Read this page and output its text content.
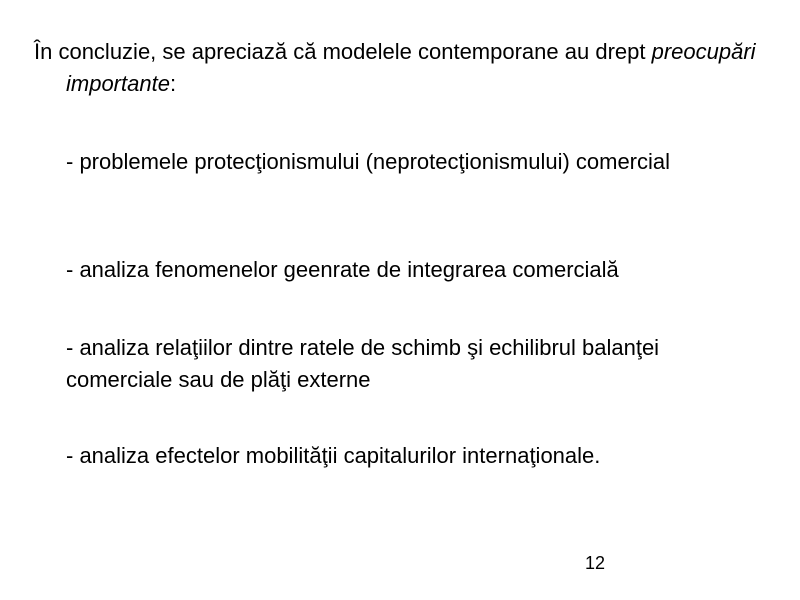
În concluzie, se apreciază că modelele contemporane au drept preocupări importante:

- problemele protecţionismului (neprotecţionismului) comercial

- analiza fenomenelor geenrate de integrarea comercială

- analiza relaţiilor dintre ratele de schimb şi echilibrul balanţei comerciale sau de plăţi externe

- analiza efectelor mobilităţii capitalurilor internaţionale.

12
